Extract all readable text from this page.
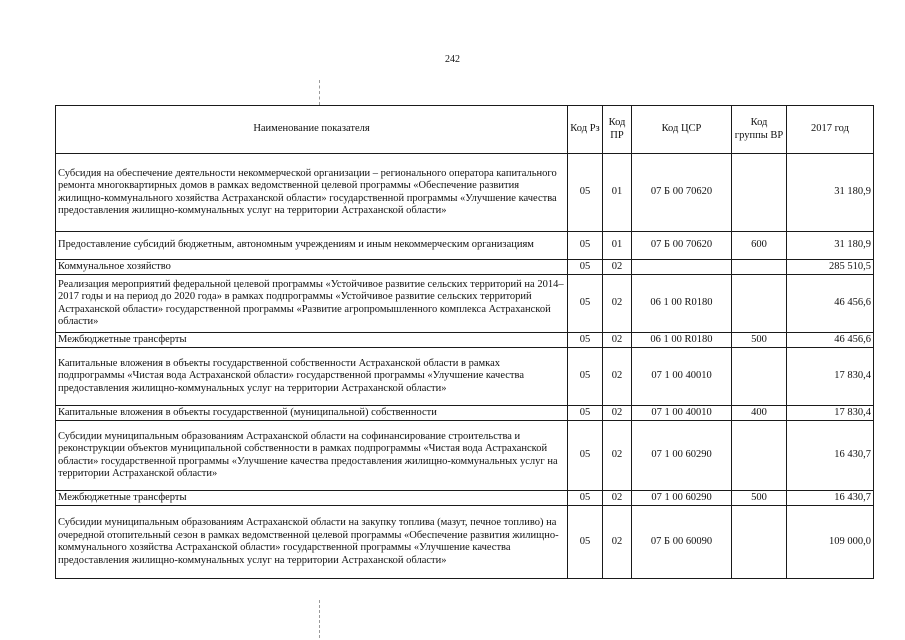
242
Наименование показателя	Код Рз	Код ПР	Код ЦСР	Код группы ВР	2017 год
Субсидия на обеспечение деятельности некоммерческой организации – регионального оператора капитального ремонта многоквартирных домов в рамках ведомственной целевой программы «Обеспечение развития жилищно-коммунального хозяйства Астраханской области» государственной программы «Улучшение качества предоставления жилищно-коммунальных услуг на территории Астраханской области»	05	01	07 Б 00 70620		31 180,9
Предоставление субсидий бюджетным, автономным учреждениям и иным некоммерческим организациям	05	01	07 Б 00 70620	600	31 180,9
Коммунальное хозяйство	05	02			285 510,5
Реализация мероприятий федеральной целевой программы «Устойчивое развитие сельских территорий на 2014–2017 годы и на период до 2020 года» в рамках подпрограммы «Устойчивое развитие сельских территорий Астраханской области» государственной программы «Развитие агропромышленного комплекса Астраханской области»	05	02	06 1 00 R0180		46 456,6
Межбюджетные трансферты	05	02	06 1 00 R0180	500	46 456,6
Капитальные вложения в объекты государственной собственности Астраханской области в рамках подпрограммы «Чистая вода Астраханской области» государственной программы «Улучшение качества предоставления жилищно-коммунальных услуг на территории Астраханской области»	05	02	07 1 00 40010		17 830,4
Капитальные вложения в объекты государственной (муниципальной) собственности	05	02	07 1 00 40010	400	17 830,4
Субсидии муниципальным образованиям Астраханской области на софинансирование строительства и реконструкции объектов муниципальной собственности в рамках подпрограммы «Чистая вода Астраханской области» государственной программы «Улучшение качества предоставления жилищно-коммунальных услуг на территории Астраханской области»	05	02	07 1 00 60290		16 430,7
Межбюджетные трансферты	05	02	07 1 00 60290	500	16 430,7
Субсидии муниципальным образованиям Астраханской области на закупку топлива (мазут, печное топливо) на очередной отопительный сезон в рамках ведомственной целевой программы «Обеспечение развития жилищно-коммунального хозяйства Астраханской области» государственной программы «Улучшение качества предоставления жилищно-коммунальных услуг на территории Астраханской области»	05	02	07 Б 00 60090		109 000,0
